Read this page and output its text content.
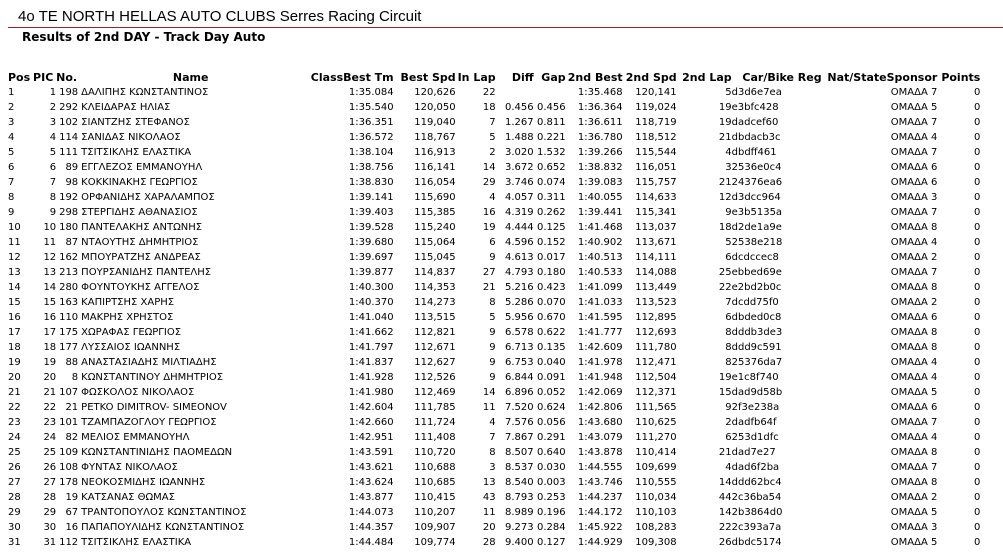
4o TE NORTH HELLAS AUTO CLUBS Serres Racing Circuit
Results of 2nd DAY - Track Day Auto
Pos	PIC	No.	Name	Class	Best Tm	Best Spd	In Lap	Diff	Gap	2nd Best	2nd Spd	2nd Lap	Car/Bike Reg	Nat/State	Sponsor	Points
1	1	198	ΔΑΛΙΠΗΣ ΚΩΝΣΤΑΝΤΙΝΟΣ		1:35.084	120,626	22			1:35.468	120,141	5	d3d6e7ea		ΟΜΑΔΑ 7	0
2	2	292	ΚΛΕΙΔΑΡΑΣ ΗΛΙΑΣ		1:35.540	120,050	18	0.456	0.456	1:36.364	119,024	19	e3bfc428		ΟΜΑΔΑ 5	0
3	3	102	ΣΙΑΝΤΖΗΣ ΣΤΕΦΑΝΟΣ		1:36.351	119,040	7	1.267	0.811	1:36.611	118,719	19	dadcef60		ΟΜΑΔΑ 7	0
4	4	114	ΣΑΝΙΔΑΣ ΝΙΚΟΛΑΟΣ		1:36.572	118,767	5	1.488	0.221	1:36.780	118,512	21	dbdacb3c		ΟΜΑΔΑ 4	0
5	5	111	ΤΣΙΤΣΙΚΛΗΣ ΕΛΑΣΤΙΚΑ		1:38.104	116,913	2	3.020	1.532	1:39.266	115,544	4	dbdff461		ΟΜΑΔΑ 7	0
6	6	89	ΕΓΓΛΕΖΟΣ ΕΜΜΑΝΟΥΗΛ		1:38.756	116,141	14	3.672	0.652	1:38.832	116,051	3	2536e0c4		ΟΜΑΔΑ 6	0
7	7	98	ΚΟΚΚΙΝΑΚΗΣ ΓΕΩΡΓΙΟΣ		1:38.830	116,054	29	3.746	0.074	1:39.083	115,757	21	24376ea6		ΟΜΑΔΑ 6	0
8	8	192	ΟΡΦΑΝΙΔΗΣ ΧΑΡΑΛΑΜΠΟΣ		1:39.141	115,690	4	4.057	0.311	1:40.055	114,633	12	d3dcc964		ΟΜΑΔΑ 3	0
9	9	298	ΣΤΕΡΓΙΔΗΣ ΑΘΑΝΑΣΙΟΣ		1:39.403	115,385	16	4.319	0.262	1:39.441	115,341	9	e3b5135a		ΟΜΑΔΑ 7	0
10	10	180	ΠΑΝΤΕΛΑΚΗΣ ΑΝΤΩΝΗΣ		1:39.528	115,240	19	4.444	0.125	1:41.468	113,037	18	d2de1a9e		ΟΜΑΔΑ 8	0
11	11	87	ΝΤΑΟΥΤΗΣ ΔΗΜΗΤΡΙΟΣ		1:39.680	115,064	6	4.596	0.152	1:40.902	113,671	5	2538e218		ΟΜΑΔΑ 4	0
12	12	162	ΜΠΟΥΡΑΤΖΗΣ ΑΝΔΡΕΑΣ		1:39.697	115,045	9	4.613	0.017	1:40.513	114,111	6	dcdccec8		ΟΜΑΔΑ 2	0
13	13	213	ΠΟΥΡΣΑΝΙΔΗΣ ΠΑΝΤΕΛΗΣ		1:39.877	114,837	27	4.793	0.180	1:40.533	114,088	25	ebbed69e		ΟΜΑΔΑ 7	0
14	14	280	ΦΟΥΝΤΟΥΚΗΣ ΑΓΓΕΛΟΣ		1:40.300	114,353	21	5.216	0.423	1:41.099	113,449	22	e2bd2b0c		ΟΜΑΔΑ 8	0
15	15	163	ΚΑΠΙΡΤΣΗΣ ΧΑΡΗΣ		1:40.370	114,273	8	5.286	0.070	1:41.033	113,523	7	dcdd75f0		ΟΜΑΔΑ 2	0
16	16	110	ΜΑΚΡΗΣ ΧΡΗΣΤΟΣ		1:41.040	113,515	5	5.956	0.670	1:41.595	112,895	6	dbded0c8		ΟΜΑΔΑ 6	0
17	17	175	ΧΩΡΑΦΑΣ ΓΕΩΡΓΙΟΣ		1:41.662	112,821	9	6.578	0.622	1:41.777	112,693	8	dddb3de3		ΟΜΑΔΑ 8	0
18	18	177	ΛΥΣΣΑΙΟΣ ΙΩΑΝΝΗΣ		1:41.797	112,671	9	6.713	0.135	1:42.609	111,780	8	ddd9c591		ΟΜΑΔΑ 8	0
19	19	88	ΑΝΑΣΤΑΣΙΑΔΗΣ ΜΙΛΤΙΑΔΗΣ		1:41.837	112,627	9	6.753	0.040	1:41.978	112,471	8	25376da7		ΟΜΑΔΑ 4	0
20	20	8	ΚΩΝΣΤΑΝΤΙΝΟΥ ΔΗΜΗΤΡΙΟΣ		1:41.928	112,526	9	6.844	0.091	1:41.948	112,504	19	e1c8f740		ΟΜΑΔΑ 4	0
21	21	107	ΦΩΣΚΟΛΟΣ ΝΙΚΟΛΑΟΣ		1:41.980	112,469	14	6.896	0.052	1:42.069	112,371	15	dad9d58b		ΟΜΑΔΑ 5	0
22	22	21	PETKO DIMITROV- SIMEONOV		1:42.604	111,785	11	7.520	0.624	1:42.806	111,565	9	2f3e238a		ΟΜΑΔΑ 6	0
23	23	101	ΤΖΑΜΠΑΖΟΓΛΟΥ ΓΕΩΡΓΙΟΣ		1:42.660	111,724	4	7.576	0.056	1:43.680	110,625	2	dadfb64f		ΟΜΑΔΑ 7	0
24	24	82	ΜΕΛΙΟΣ ΕΜΜΑΝΟΥΗΛ		1:42.951	111,408	7	7.867	0.291	1:43.079	111,270	6	253d1dfc		ΟΜΑΔΑ 4	0
25	25	109	ΚΩΝΣΤΑΝΤΙΝΙΔΗΣ ΠΑΟΜΕΔΩΝ		1:43.591	110,720	8	8.507	0.640	1:43.878	110,414	21	dad7e27		ΟΜΑΔΑ 8	0
26	26	108	ΦΥΝΤΑΣ ΝΙΚΟΛΑΟΣ		1:43.621	110,688	3	8.537	0.030	1:44.555	109,699	4	dad6f2ba		ΟΜΑΔΑ 7	0
27	27	178	ΝΕΟΚΟΣΜΙΔΗΣ ΙΩΑΝΝΗΣ		1:43.624	110,685	13	8.540	0.003	1:43.746	110,555	14	ddd62bc4		ΟΜΑΔΑ 8	0
28	28	19	ΚΑΤΣΑΝΑΣ ΘΩΜΑΣ		1:43.877	110,415	43	8.793	0.253	1:44.237	110,034	44	2c36ba54		ΟΜΑΔΑ 2	0
29	29	67	ΤΡΑΝΤΟΠΟΥΛΟΣ ΚΩΝΣΤΑΝΤΙΝΟΣ		1:44.073	110,207	11	8.989	0.196	1:44.172	110,103	14	2b3864d0		ΟΜΑΔΑ 5	0
30	30	16	ΠΑΠΑΠΟΥΛΙΔΗΣ ΚΩΝΣΤΑΝΤΙΝΟΣ		1:44.357	109,907	20	9.273	0.284	1:45.922	108,283	22	2c393a7a		ΟΜΑΔΑ 3	0
31	31	112	ΤΣΙΤΣΙΚΛΗΣ ΕΛΑΣΤΙΚΑ		1:44.484	109,774	28	9.400	0.127	1:44.929	109,308	26	dbdc5174		ΟΜΑΔΑ 5	0
